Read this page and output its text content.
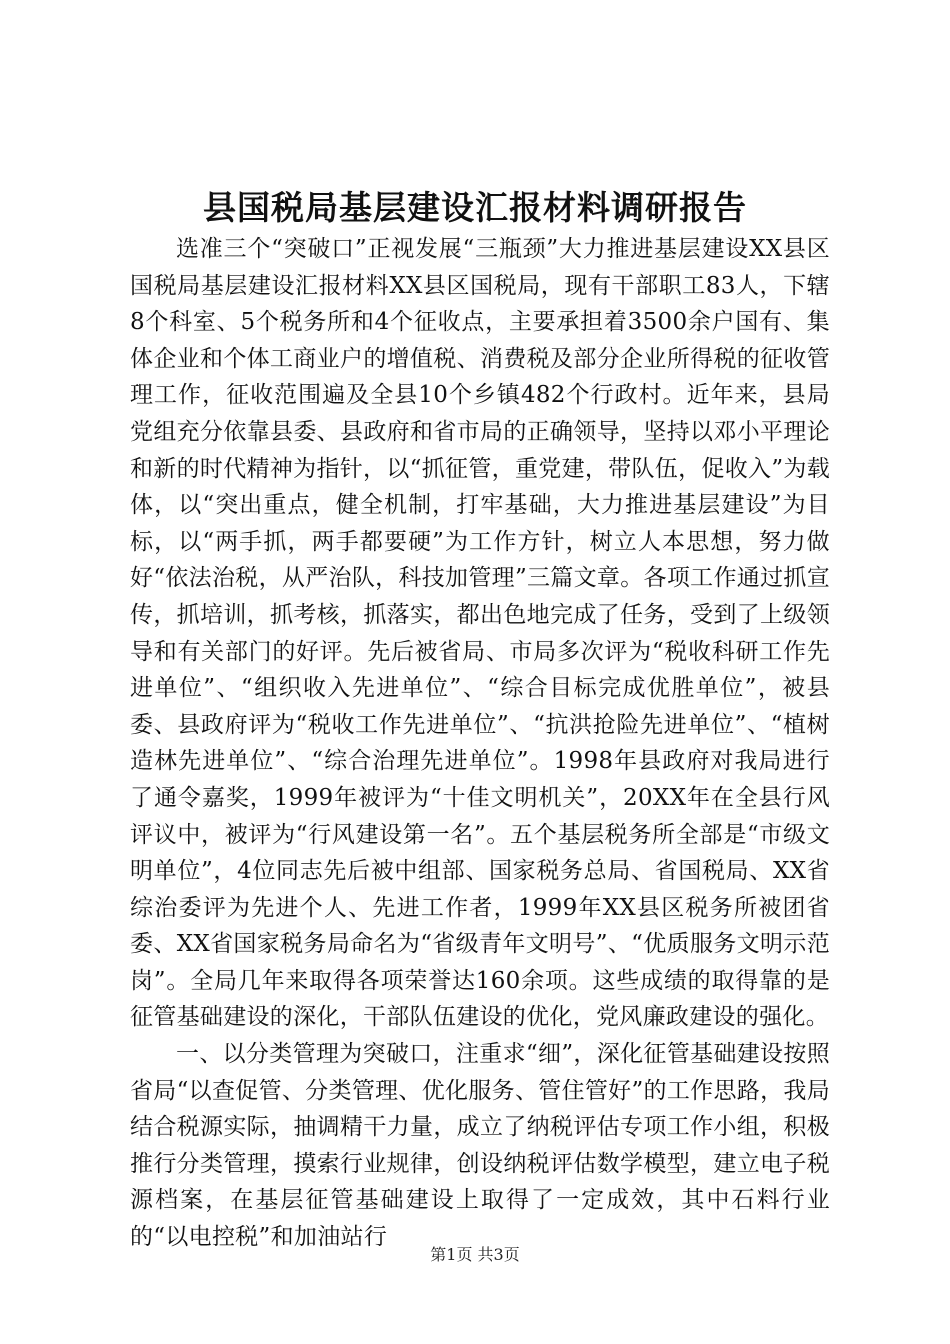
县国税局基层建设汇报材料调研报告

选准三个“突破口”正视发展“三瓶颈”大力推进基层建设XX县区国税局基层建设汇报材料XX县区国税局，现有干部职工83人，下辖8个科室、5个税务所和4个征收点，主要承担着3500余户国有、集体企业和个体工商业户的增值税、消费税及部分企业所得税的征收管理工作，征收范围遍及全县10个乡镇482个行政村。近年来，县局党组充分依靠县委、县政府和省市局的正确领导，坚持以邓小平理论和新的时代精神为指针，以“抓征管，重党建，带队伍，促收入”为载体，以“突出重点，健全机制，打牢基础，大力推进基层建设”为目标，以“两手抓，两手都要硬”为工作方针，树立人本思想，努力做好“依法治税，从严治队，科技加管理”三篇文章。各项工作通过抓宣传，抓培训，抓考核，抓落实，都出色地完成了任务，受到了上级领导和有关部门的好评。先后被省局、市局多次评为“税收科研工作先进单位”、“组织收入先进单位”、“综合目标完成优胜单位”，被县委、县政府评为“税收工作先进单位”、“抗洪抢险先进单位”、“植树造林先进单位”、“综合治理先进单位”。1998年县政府对我局进行了通令嘉奖，1999年被评为“十佳文明机关”，20XX年在全县行风评议中，被评为“行风建设第一名”。五个基层税务所全部是“市级文明单位”，4位同志先后被中组部、国家税务总局、省国税局、XX省综治委评为先进个人、先进工作者，1999年XX县区税务所被团省委、XX省国家税务局命名为“省级青年文明号”、“优质服务文明示范岗”。全局几年来取得各项荣誉达160余项。这些成绩的取得靠的是征管基础建设的深化，干部队伍建设的优化，党风廉政建设的强化。

一、以分类管理为突破口，注重求“细”，深化征管基础建设按照省局“以查促管、分类管理、优化服务、管住管好”的工作思路，我局结合税源实际，抽调精干力量，成立了纳税评估专项工作小组，积极推行分类管理，摸索行业规律，创设纳税评估数学模型，建立电子税源档案，在基层征管基础建设上取得了一定成效，其中石料行业的“以电控税”和加油站行

第1页 共3页
